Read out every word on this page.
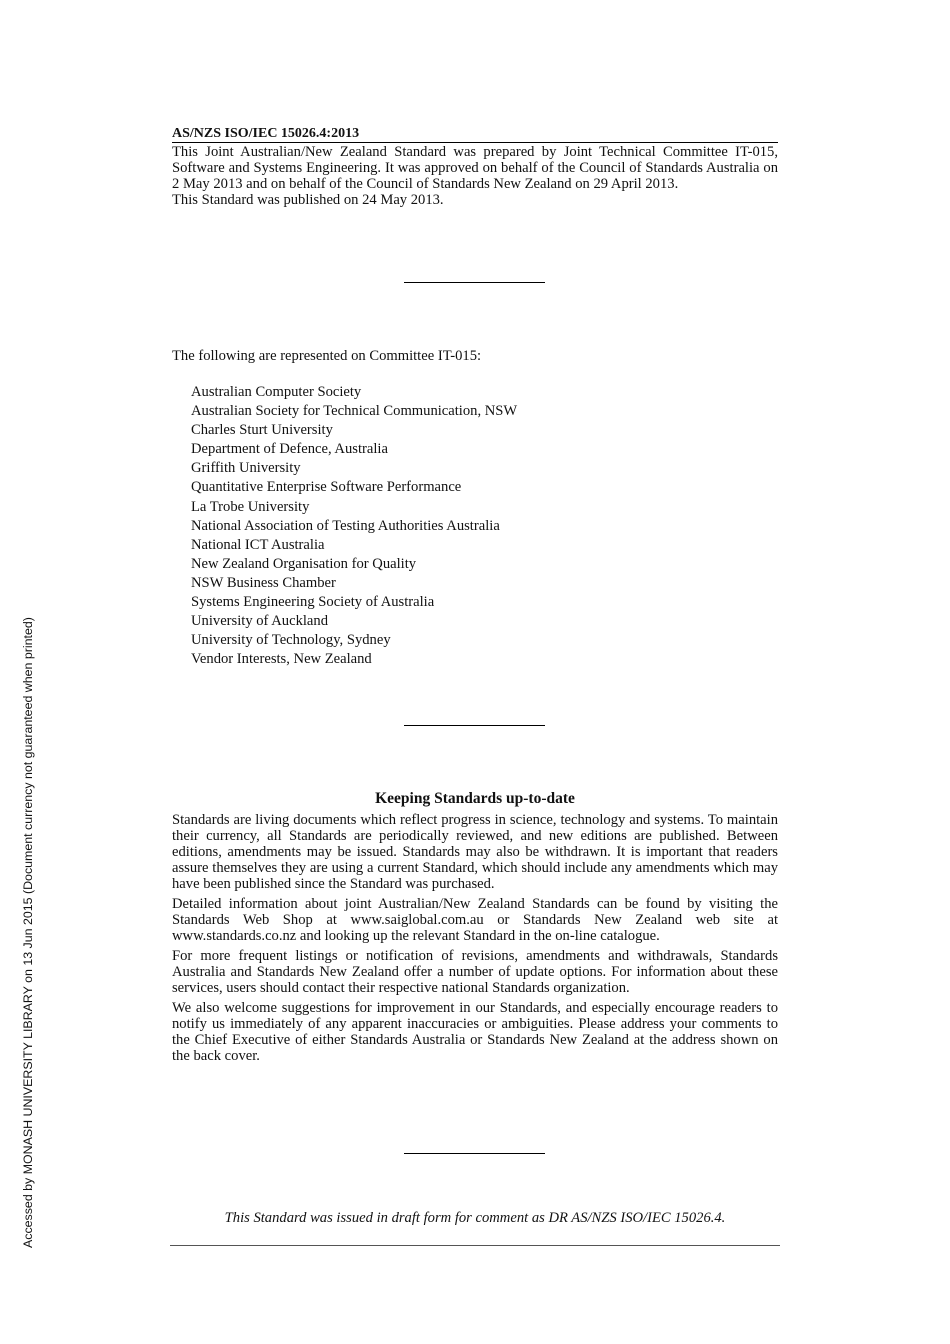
AS/NZS ISO/IEC 15026.4:2013

This Joint Australian/New Zealand Standard was prepared by Joint Technical Committee IT-015, Software and Systems Engineering. It was approved on behalf of the Council of Standards Australia on 2 May 2013 and on behalf of the Council of Standards New Zealand on 29 April 2013.

This Standard was published on 24 May 2013.

The following are represented on Committee IT-015:
Australian Computer Society
Australian Society for Technical Communication, NSW
Charles Sturt University
Department of Defence, Australia
Griffith University
Quantitative Enterprise Software Performance
La Trobe University
National Association of Testing Authorities Australia
National ICT Australia
New Zealand Organisation for Quality
NSW Business Chamber
Systems Engineering Society of Australia
University of Auckland
University of Technology, Sydney
Vendor Interests, New Zealand
Keeping Standards up-to-date

Standards are living documents which reflect progress in science, technology and systems. To maintain their currency, all Standards are periodically reviewed, and new editions are published. Between editions, amendments may be issued. Standards may also be withdrawn. It is important that readers assure themselves they are using a current Standard, which should include any amendments which may have been published since the Standard was purchased.

Detailed information about joint Australian/New Zealand Standards can be found by visiting the Standards Web Shop at www.saiglobal.com.au or Standards New Zealand web site at www.standards.co.nz and looking up the relevant Standard in the on-line catalogue.

For more frequent listings or notification of revisions, amendments and withdrawals, Standards Australia and Standards New Zealand offer a number of update options. For information about these services, users should contact their respective national Standards organization.

We also welcome suggestions for improvement in our Standards, and especially encourage readers to notify us immediately of any apparent inaccuracies or ambiguities. Please address your comments to the Chief Executive of either Standards Australia or Standards New Zealand at the address shown on the back cover.

This Standard was issued in draft form for comment as DR AS/NZS ISO/IEC 15026.4.
Accessed by MONASH UNIVERSITY LIBRARY on 13 Jun 2015 (Document currency not guaranteed when printed)
